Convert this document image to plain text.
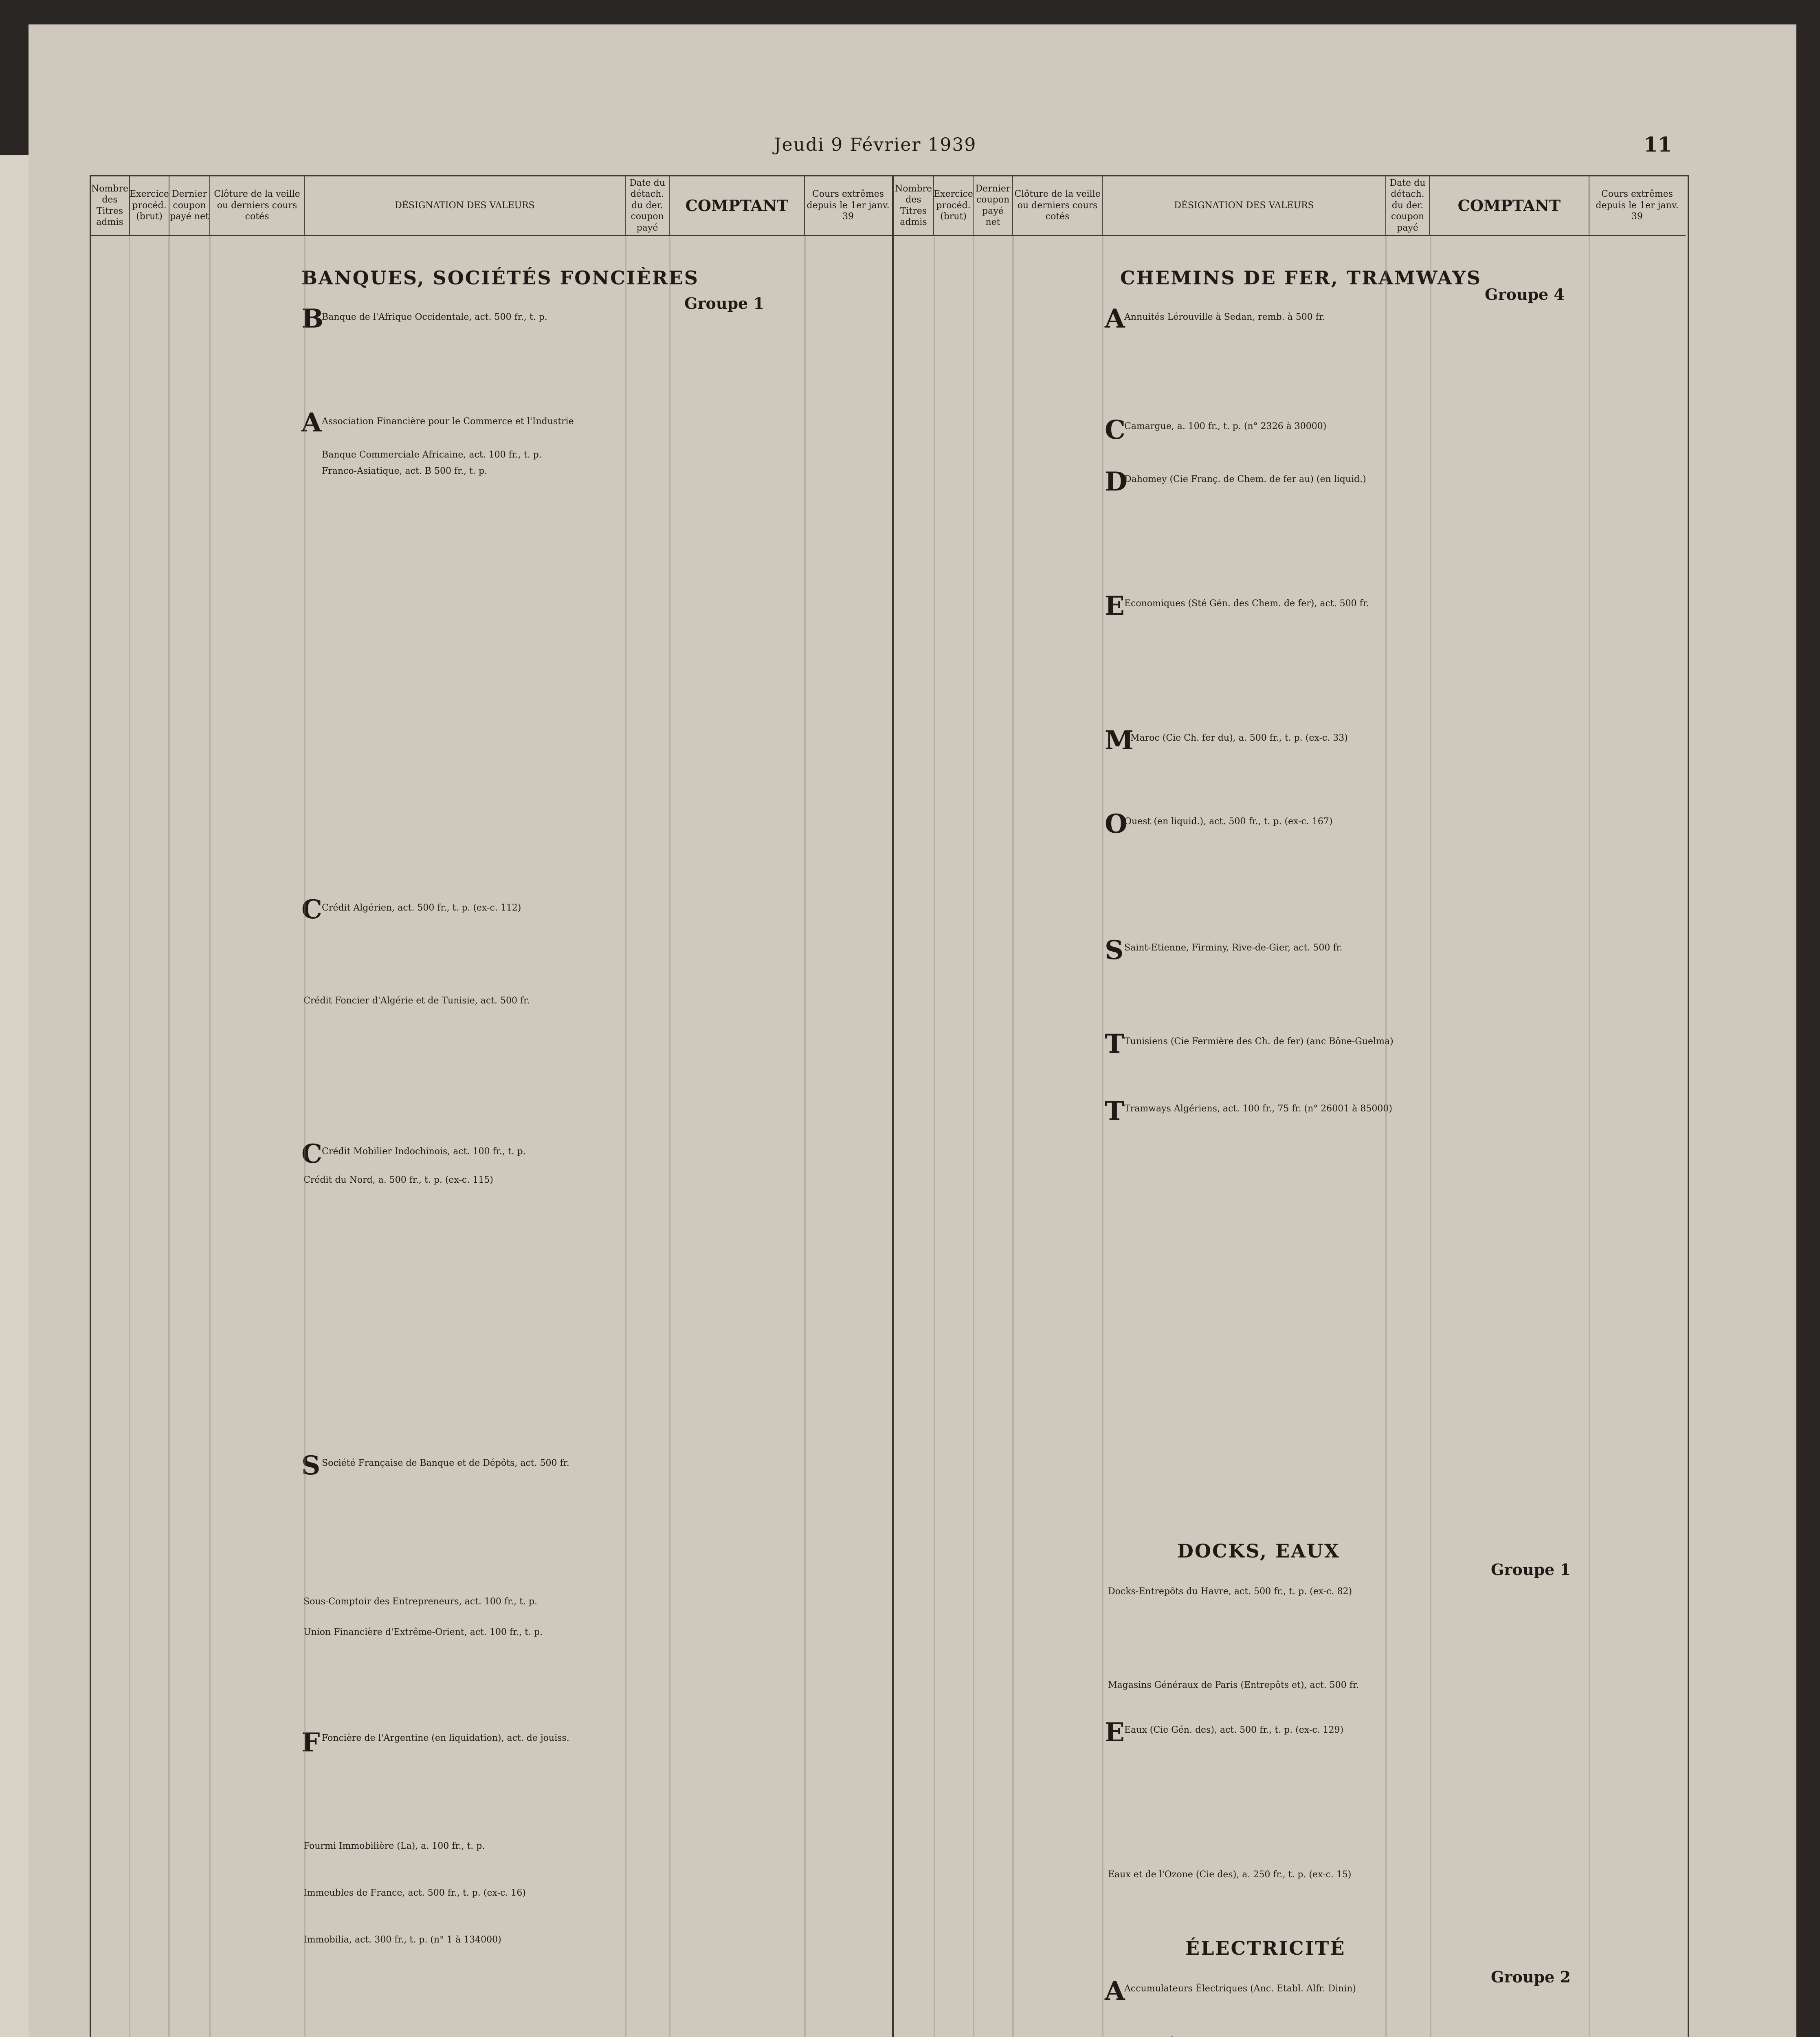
Jeudi 9 Février 1939	11
Nombre des Titres admis
Exercice procéd. (brut)
Dernier coupon payé net
Clôture de la veille ou derniers cours cotés
DÉSIGNATION DES VALEURS
Date du détach. du der. coupon payé
COMPTANT
Cours extrêmes depuis le 1er janv. 39
Nombre des Titres admis
Exercice procéd. (brut)
Dernier coupon payé net
Clôture de la veille ou derniers cours cotés
DÉSIGNATION DES VALEURS
Date du détach. du der. coupon payé
COMPTANT
Cours extrêmes depuis le 1er janv. 39
BANQUES, SOCIÉTÉS FONCIÈRES
Groupe 1
B
Banque de l'Afrique Occidentale, act. 500 fr., t. p.
Franco-Asiatique, act. B 500 fr., t. p.
A Association Financière pour le Commerce et l'Industrie
Banque Commerciale Africaine, act. 100 fr., t. p.
C Crédit Algérien, act. 500 fr., t. p. (ex-c. 112)
Crédit Foncier d'Algérie et de Tunisie, act. 500 fr.
C Crédit Mobilier Indochinois, act. 100 fr., t. p.
Crédit du Nord, a. 500 fr., t. p. (ex-c. 115)
S Société Française de Banque et de Dépôts, act. 500 fr.
Sous-Comptoir des Entrepreneurs, act. 100 fr., t. p.
Union Financière d'Extrême-Orient, act. 100 fr., t. p.
F Foncière de l'Argentine (en liquidation), act. de jouiss.
Fourmi Immobilière (La), a. 100 fr., t. p.
Immeubles de France, act. 500 fr., t. p. (ex-c. 16)
Immobilia, act. 300 fr., t. p. (n° 1 à 134000)
CHEMINS DE FER, TRAMWAYS
Groupe 4
A
Annuités Lérouville à Sedan, remb. à 500 fr.
C
Camargue, a. 100 fr., t. p. (n° 2326 à 30000)
D
Dahomey (Cie Franç. de Chem. de fer au) (en liquid.)
E Economiques (Sté Gén. des Chem. de fer), act. 500 fr.
M
Maroc (Cie Ch. fer du), a. 500 fr., t. p. (ex-c. 33)
O
Ouest (en liquid.), act. 500 fr., t. p. (ex-c. 167)
S Saint-Etienne, Firminy, Rive-de-Gier, act. 500 fr.
T Tunisiens (Cie Fermière des Ch. de fer) (anc Bône-Guelma)
T Tramways Algériens, act. 100 fr., 75 fr. (n° 26001 à 85000)
DOCKS, EAUX
Groupe 1
Docks-Entrepôts du Havre, act. 500 fr., t. p. (ex-c. 82)
Magasins Généraux de Paris (Entrepôts et), act. 500 fr.
E Eaux (Cie Gén. des), act. 500 fr., t. p. (ex-c. 129)
Eaux et de l'Ozone (Cie des), a. 250 fr., t. p. (ex-c. 15)
ÉLECTRICITÉ
Groupe 2
A
Accumulateurs Électriques (Anc. Etabl. Alfr. Dinin)
